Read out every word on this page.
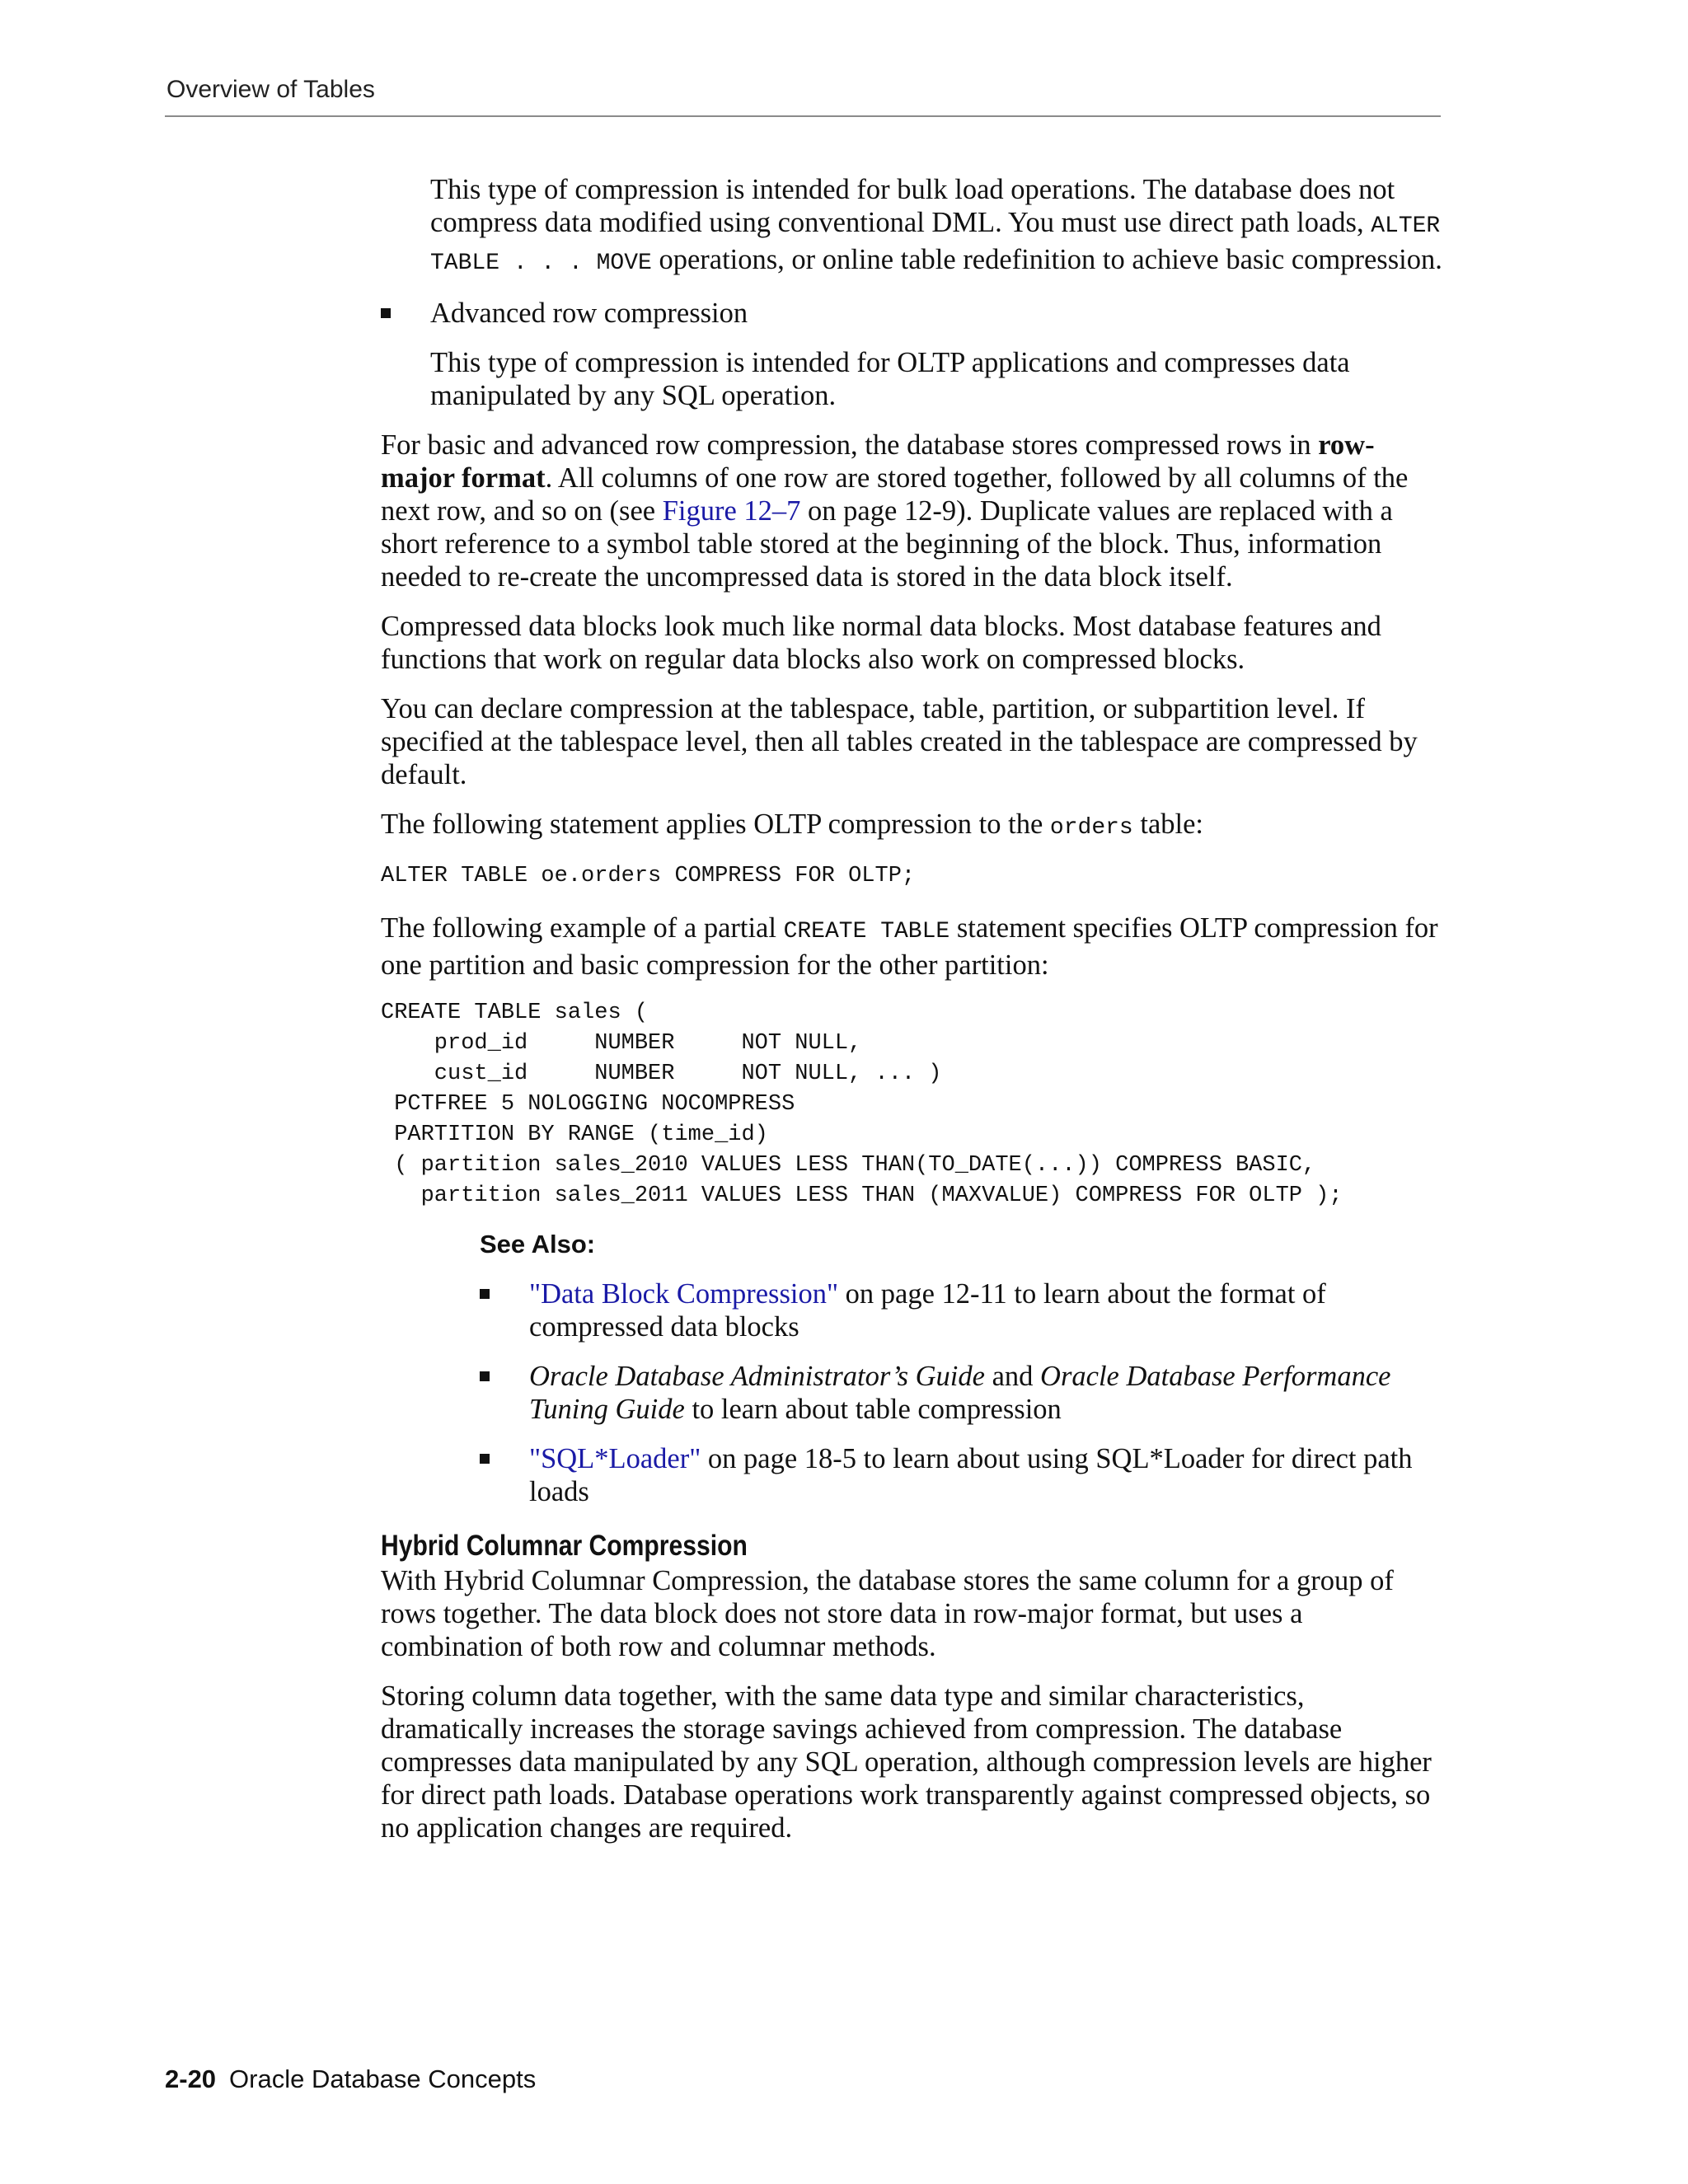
Overview of Tables

This type of compression is intended for bulk load operations. The database does not compress data modified using conventional DML. You must use direct path loads, ALTER TABLE . . . MOVE operations, or online table redefinition to achieve basic compression.

Advanced row compression

This type of compression is intended for OLTP applications and compresses data manipulated by any SQL operation.

For basic and advanced row compression, the database stores compressed rows in row-major format. All columns of one row are stored together, followed by all columns of the next row, and so on (see Figure 12–7 on page 12-9). Duplicate values are replaced with a short reference to a symbol table stored at the beginning of the block. Thus, information needed to re-create the uncompressed data is stored in the data block itself.

Compressed data blocks look much like normal data blocks. Most database features and functions that work on regular data blocks also work on compressed blocks.

You can declare compression at the tablespace, table, partition, or subpartition level. If specified at the tablespace level, then all tables created in the tablespace are compressed by default.

The following statement applies OLTP compression to the orders table:

ALTER TABLE oe.orders COMPRESS FOR OLTP;

The following example of a partial CREATE TABLE statement specifies OLTP compression for one partition and basic compression for the other partition:

CREATE TABLE sales (
prod_id     NUMBER     NOT NULL,
cust_id     NUMBER     NOT NULL, ... )
PCTFREE 5 NOLOGGING NOCOMPRESS
PARTITION BY RANGE (time_id)
( partition sales_2010 VALUES LESS THAN(TO_DATE(...)) COMPRESS BASIC,
partition sales_2011 VALUES LESS THAN (MAXVALUE) COMPRESS FOR OLTP );
See Also:
"Data Block Compression" on page 12-11 to learn about the format of compressed data blocks
Oracle Database Administrator’s Guide and Oracle Database Performance Tuning Guide to learn about table compression
"SQL*Loader" on page 18-5 to learn about using SQL*Loader for direct path loads
Hybrid Columnar Compression

With Hybrid Columnar Compression, the database stores the same column for a group of rows together. The data block does not store data in row-major format, but uses a combination of both row and columnar methods.

Storing column data together, with the same data type and similar characteristics, dramatically increases the storage savings achieved from compression. The database compresses data manipulated by any SQL operation, although compression levels are higher for direct path loads. Database operations work transparently against compressed objects, so no application changes are required.

2-20 Oracle Database Concepts
